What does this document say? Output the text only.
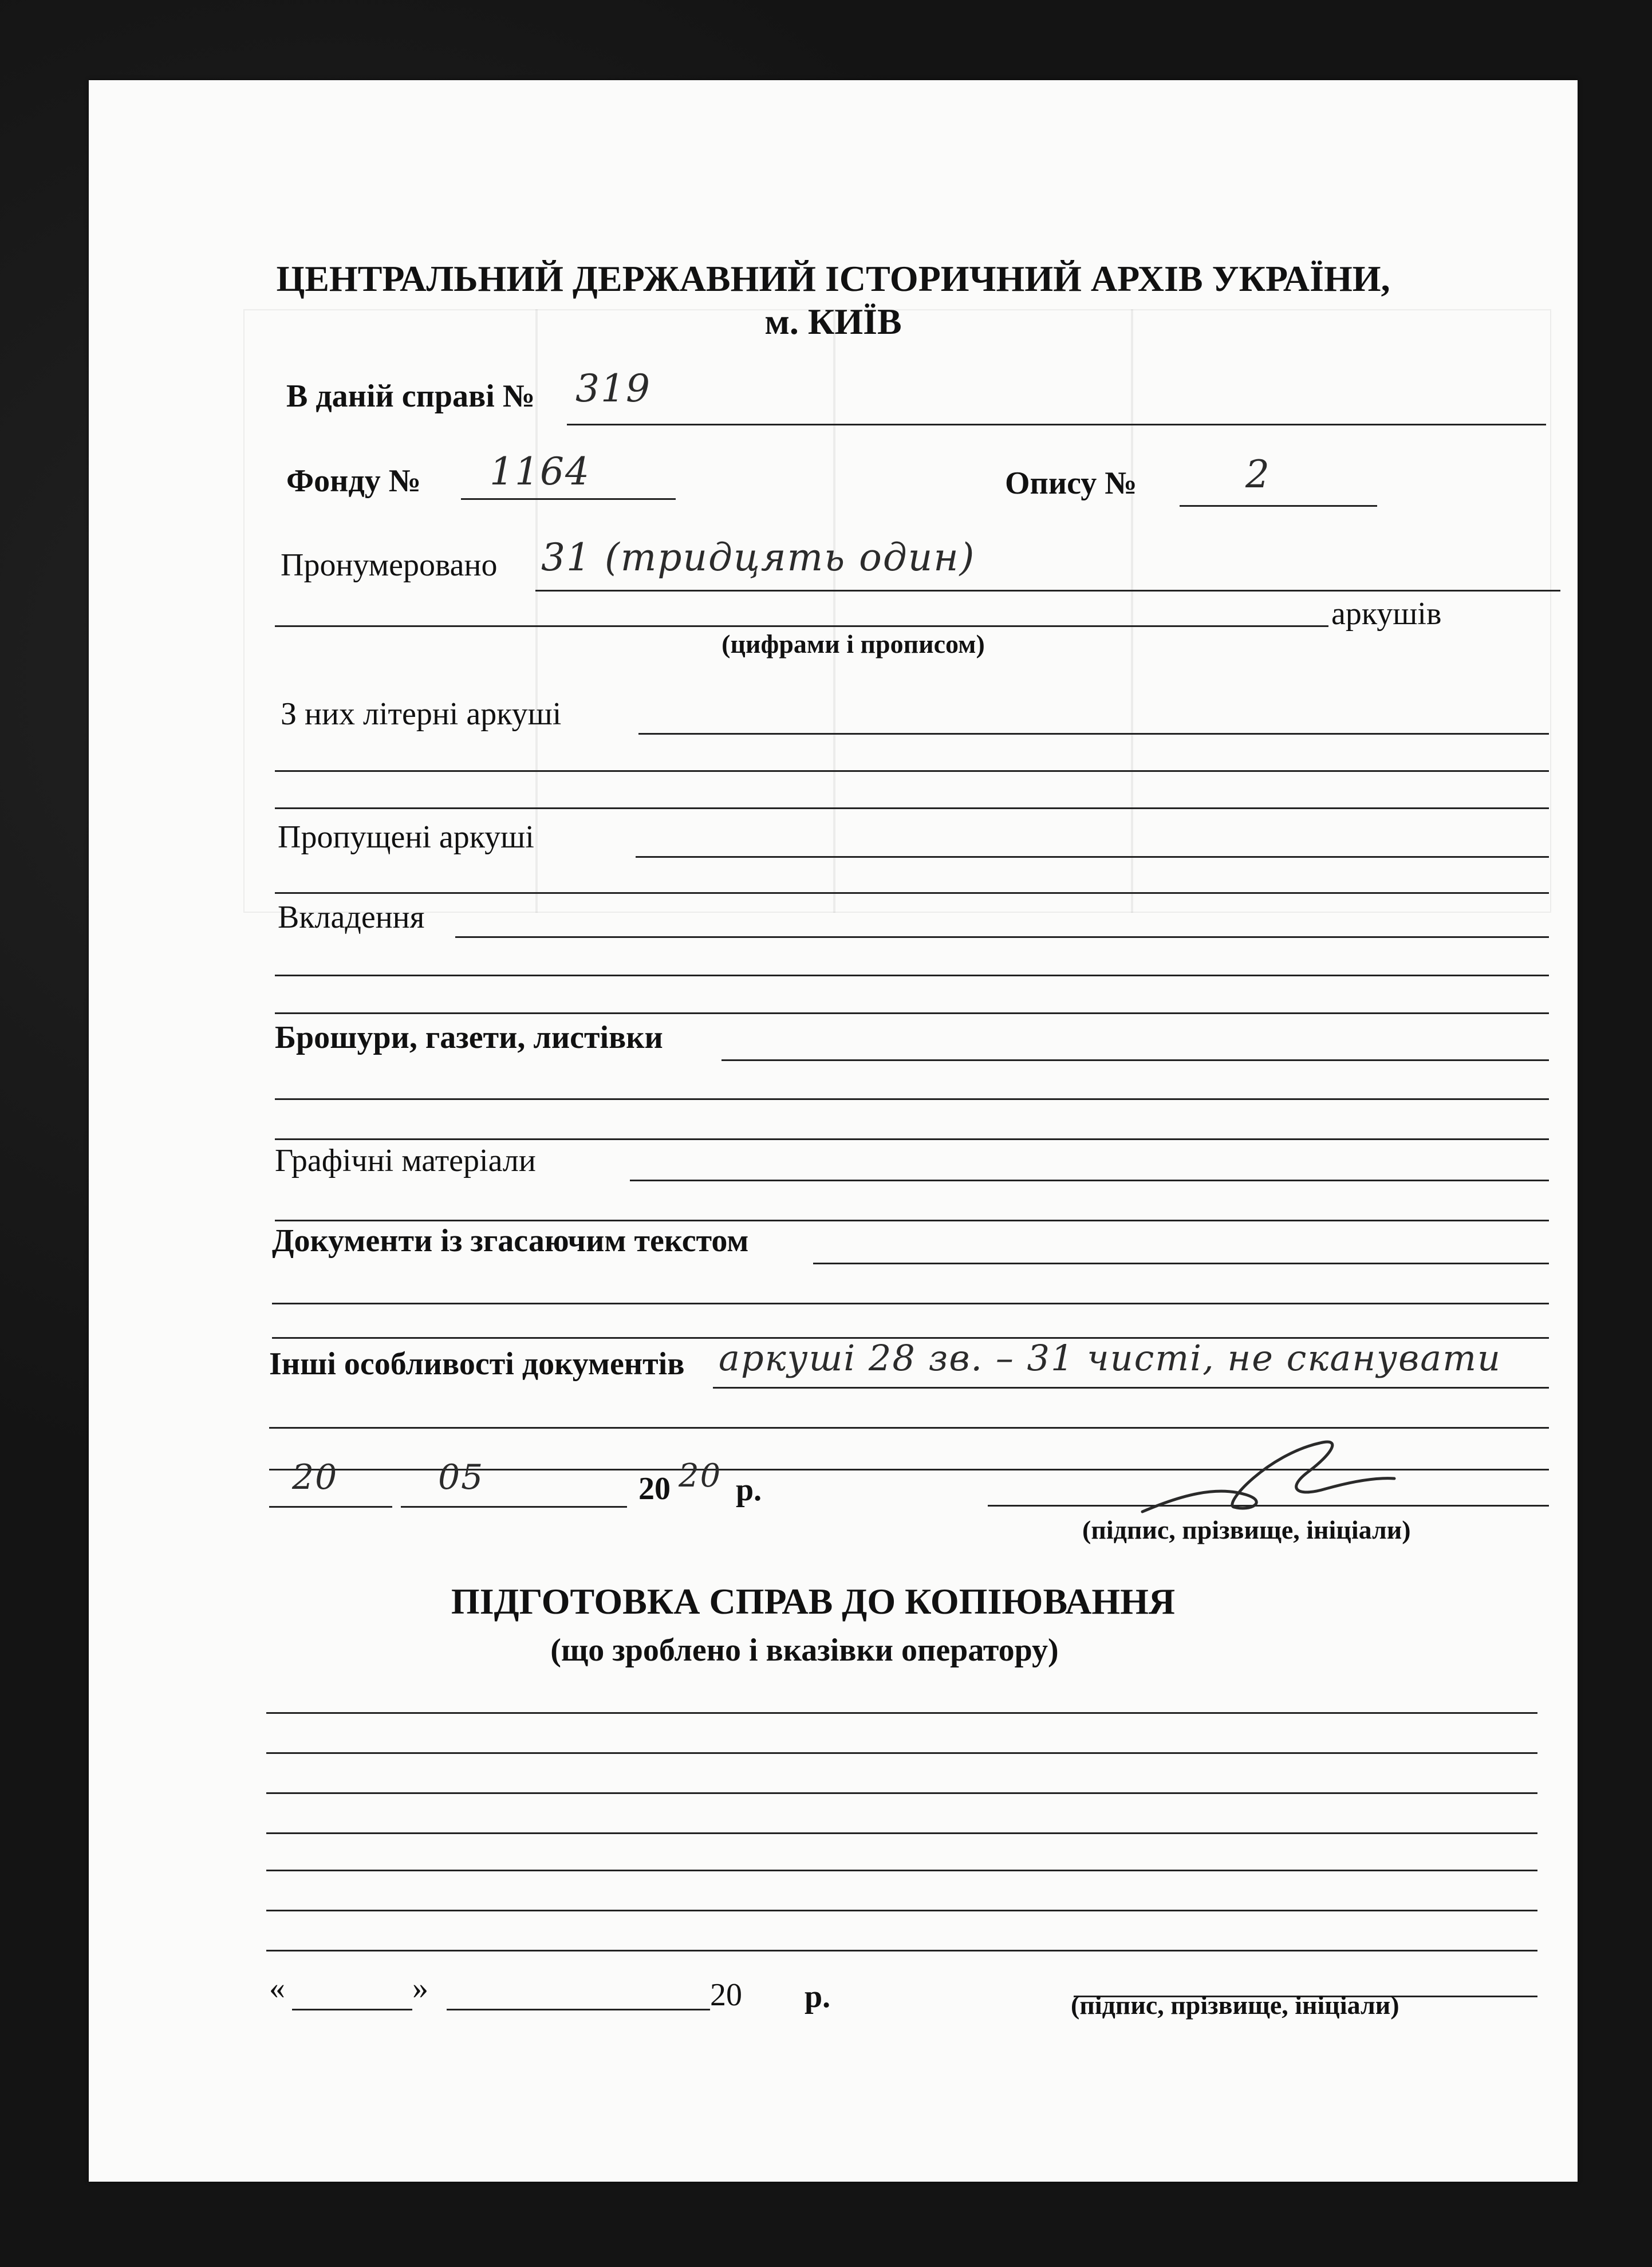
ЦЕНТРАЛЬНИЙ ДЕРЖАВНИЙ ІСТОРИЧНИЙ АРХІВ УКРАЇНИ,
м. КИЇВ
В даній справі № 319
Фонду № 1164	Опису №	2
Пронумеровано 31 (тридцять один)
аркушів
(цифрами і прописом)
З них літерні аркуші
Пропущені аркуші
Вкладення
Брошури, газети, листівки
Графічні матеріали
Документи із згасаючим текстом
Інші особливості документів аркуші 28 зв. – 31 чисті, не сканувати
20	05	20 20 р.
(підпис, прізвище, ініціали)
ПІДГОТОВКА СПРАВ ДО КОПІЮВАННЯ
(що зроблено і вказівки оператору)
«	»	20 р.	(підпис, прізвище, ініціали)
